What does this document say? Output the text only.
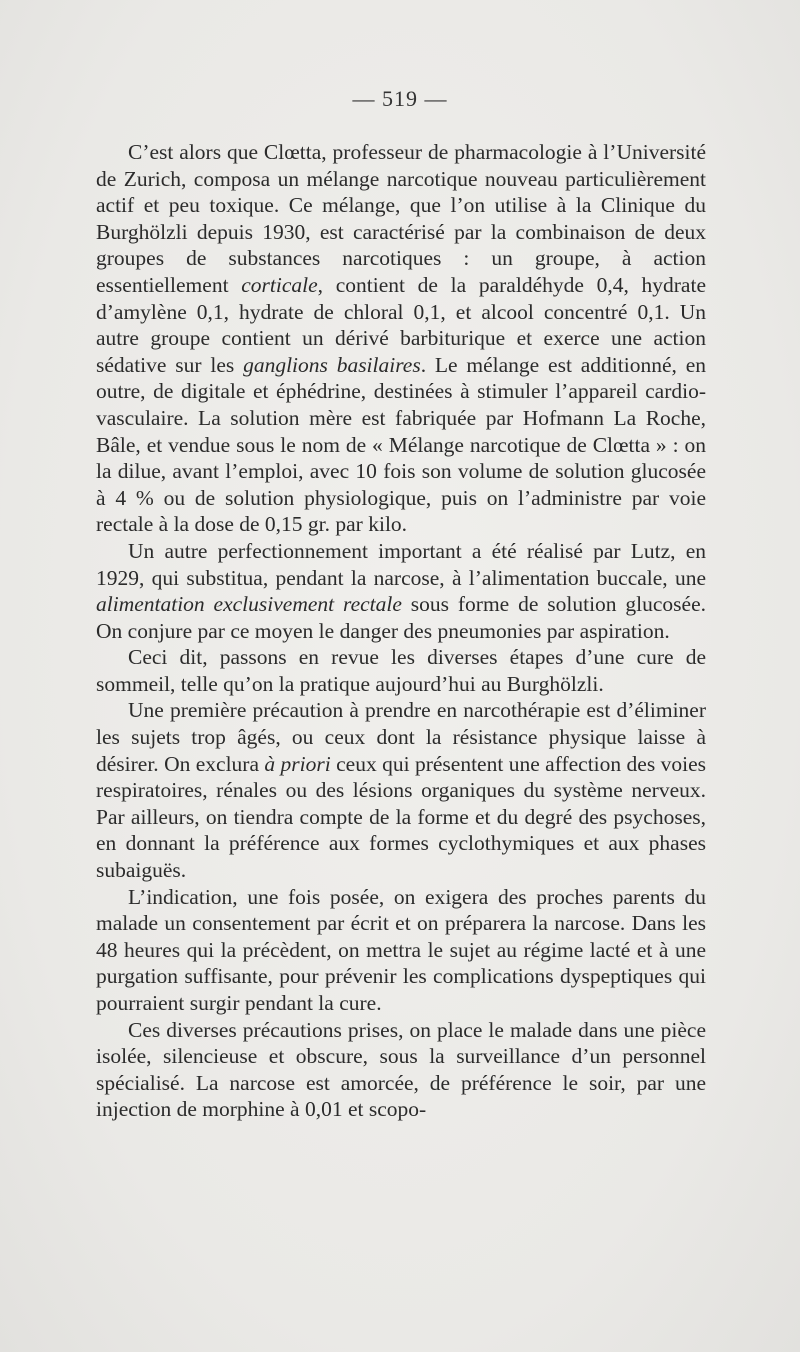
— 519 —

C’est alors que Clœtta, professeur de pharmacologie à l’Université de Zurich, composa un mélange narcotique nouveau particulièrement actif et peu toxique. Ce mélange, que l’on utilise à la Clinique du Burghölzli depuis 1930, est caractérisé par la combinaison de deux groupes de substances narcotiques : un groupe, à action essentiellement corticale, contient de la paraldéhyde 0,4, hydrate d’amylène 0,1, hydrate de chloral 0,1, et alcool concentré 0,1. Un autre groupe contient un dérivé barbiturique et exerce une action sédative sur les ganglions basilaires. Le mélange est additionné, en outre, de digitale et éphédrine, destinées à stimuler l’appareil cardio-vasculaire. La solution mère est fabriquée par Hofmann La Roche, Bâle, et vendue sous le nom de « Mélange narcotique de Clœtta » : on la dilue, avant l’emploi, avec 10 fois son volume de solution glucosée à 4 % ou de solution physiologique, puis on l’administre par voie rectale à la dose de 0,15 gr. par kilo.

Un autre perfectionnement important a été réalisé par Lutz, en 1929, qui substitua, pendant la narcose, à l’alimentation buccale, une alimentation exclusivement rectale sous forme de solution glucosée. On conjure par ce moyen le danger des pneumonies par aspiration.

Ceci dit, passons en revue les diverses étapes d’une cure de sommeil, telle qu’on la pratique aujourd’hui au Burghölzli.

Une première précaution à prendre en narcothérapie est d’éliminer les sujets trop âgés, ou ceux dont la résistance physique laisse à désirer. On exclura à priori ceux qui présentent une affection des voies respiratoires, rénales ou des lésions organiques du système nerveux. Par ailleurs, on tiendra compte de la forme et du degré des psychoses, en donnant la préférence aux formes cyclothymiques et aux phases subaiguës.

L’indication, une fois posée, on exigera des proches parents du malade un consentement par écrit et on préparera la narcose. Dans les 48 heures qui la précèdent, on mettra le sujet au régime lacté et à une purgation suffisante, pour prévenir les complications dyspeptiques qui pourraient surgir pendant la cure.

Ces diverses précautions prises, on place le malade dans une pièce isolée, silencieuse et obscure, sous la surveillance d’un personnel spécialisé. La narcose est amorcée, de préférence le soir, par une injection de morphine à 0,01 et scopo-
